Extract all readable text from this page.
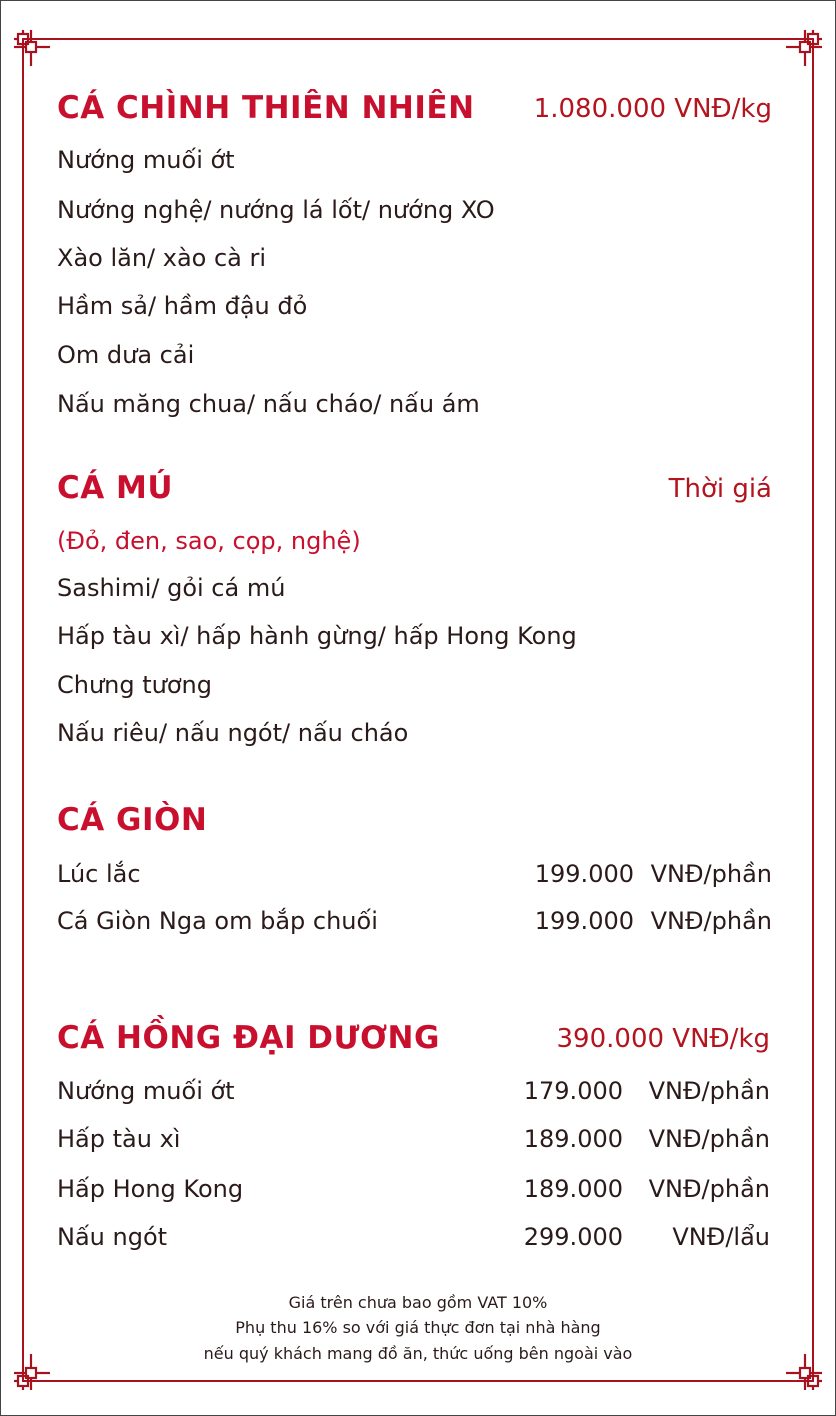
CÁ CHÌNH THIÊN NHIÊN 1.080.000 VNĐ/kg
Nướng muối ớt
Nướng nghệ/ nướng lá lốt/ nướng XO
Xào lăn/ xào cà ri
Hầm sả/ hầm đậu đỏ
Om dưa cải
Nấu măng chua/ nấu cháo/ nấu ám
CÁ MÚ	Thời giá
(Đỏ, đen, sao, cọp, nghệ)
Sashimi/ gỏi cá mú
Hấp tàu xì/ hấp hành gừng/ hấp Hong Kong
Chưng tương
Nấu riêu/ nấu ngót/ nấu cháo
CÁ GIÒN
Lúc lắc	199.000 VNĐ/phần
Cá Giòn Nga om bắp chuối	199.000 VNĐ/phần
CÁ HỒNG ĐẠI DƯƠNG	390.000 VNĐ/kg
Nướng muối ớt	179.000 VNĐ/phần
Hấp tàu xì	189.000 VNĐ/phần
Hấp Hong Kong	189.000 VNĐ/phần
Nấu ngót	299.000 VNĐ/lẩu
Giá trên chưa bao gồm VAT 10%
Phụ thu 16% so với giá thực đơn tại nhà hàng
nếu quý khách mang đồ ăn, thức uống bên ngoài vào
